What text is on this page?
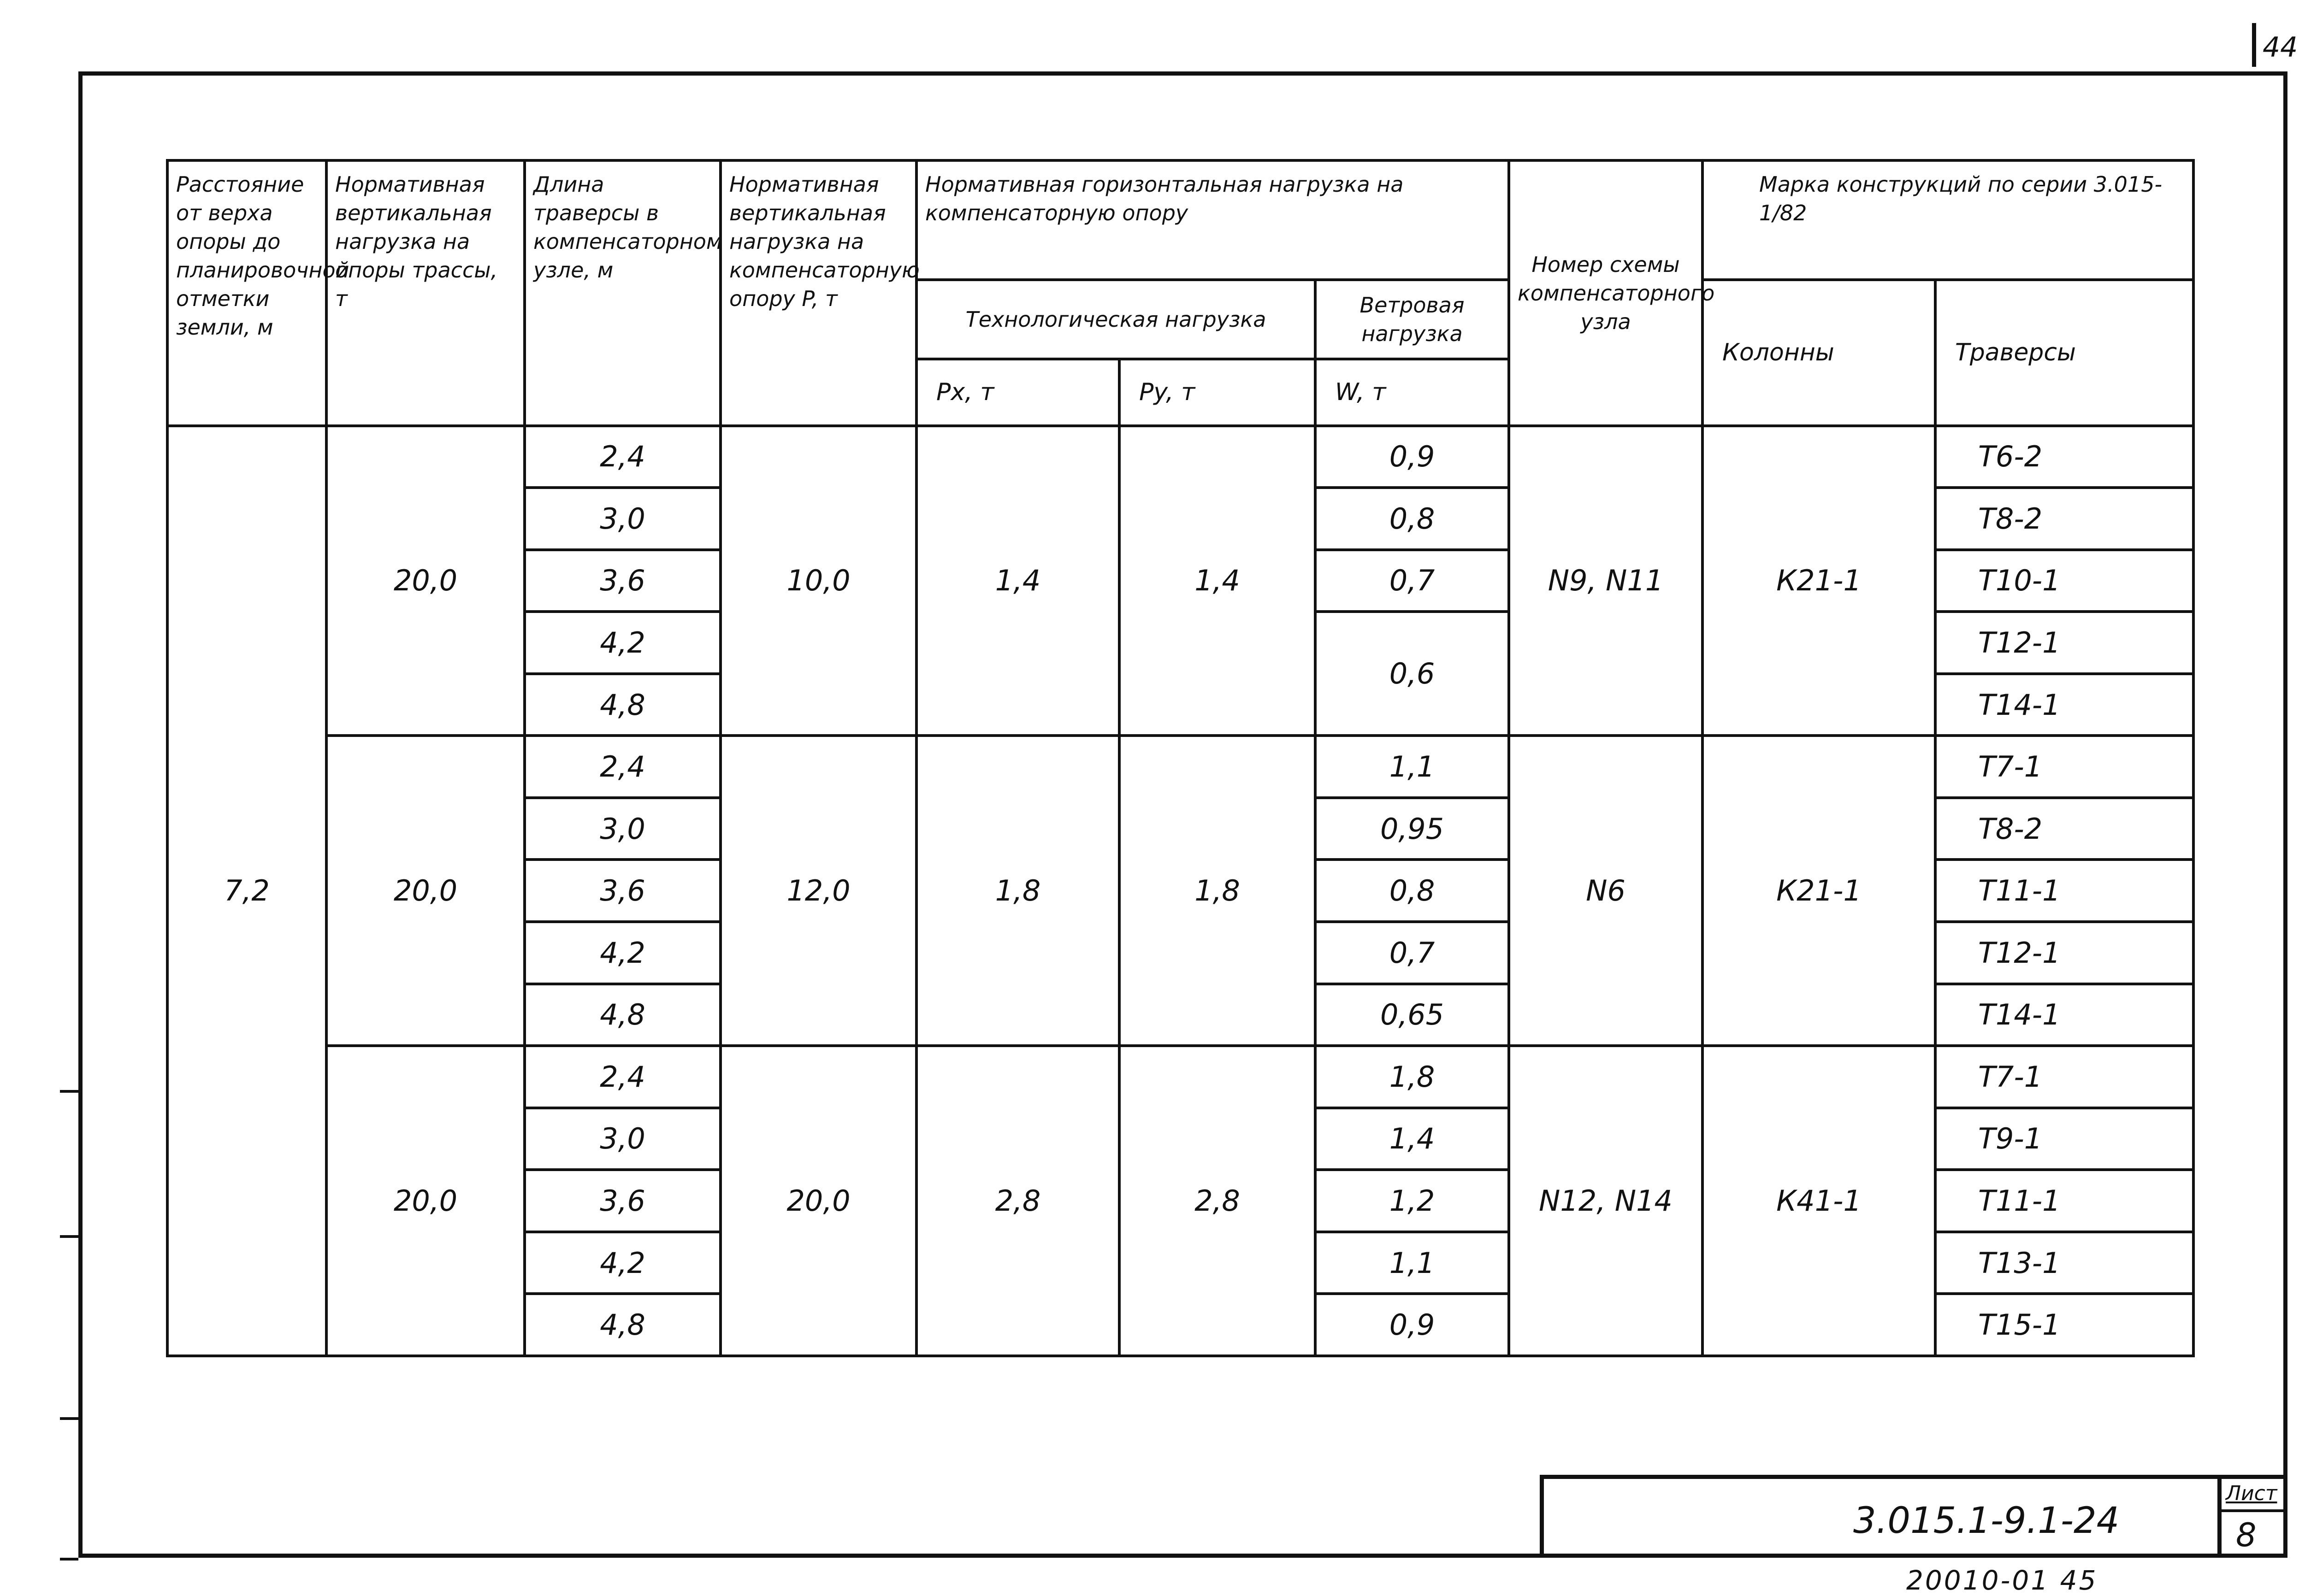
44
Расстояние от верха опоры до планировочной отметки земли, м	Нормативная вертикальная нагрузка на опоры трассы, т	Длина траверсы в компенсаторном узле, м	Нормативная вертикальная нагрузка на компенсаторную опору P, т	Нормативная горизонтальная нагрузка на компенсаторную опору			Номер схемы компенсаторного узла	Марка конструкций по серии 3.015-1/82	
				Технологическая нагрузка		Ветровая нагрузка		Колонны	Траверсы
				Px, т	Py, т	W, т			
7,2	20,0	2,4	10,0	1,4	1,4	0,9	N9, N11	К21-1	Т6-2
		3,0				0,8			Т8-2
		3,6				0,7			Т10-1
		4,2				0,6			Т12-1
		4,8							Т14-1
	20,0	2,4	12,0	1,8	1,8	1,1	N6	К21-1	Т7-1
		3,0				0,95			Т8-2
		3,6				0,8			Т11-1
		4,2				0,7			Т12-1
		4,8				0,65			Т14-1
	20,0	2,4	20,0	2,8	2,8	1,8	N12, N14	К41-1	Т7-1
		3,0				1,4			Т9-1
		3,6				1,2			Т11-1
		4,2				1,1			Т13-1
		4,8				0,9			Т15-1
3.015.1-9.1-24
Лист
8
20010-01 45
